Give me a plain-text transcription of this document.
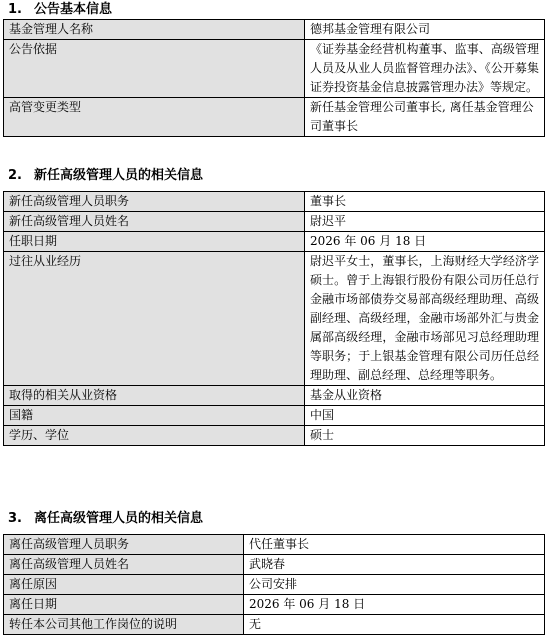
1. 公告基本信息
基金管理人名称	德邦基金管理有限公司
公告依据	《证券基金经营机构董事、监事、高级管理人员及从业人员监督管理办法》、《公开募集证券投资基金信息披露管理办法》等规定。
高管变更类型	新任基金管理公司董事长, 离任基金管理公司董事长
2. 新任高级管理人员的相关信息
新任高级管理人员职务	董事长
新任高级管理人员姓名	尉迟平
任职日期	2026 年 06 月 18 日
过往从业经历	尉迟平女士，董事长，上海财经大学经济学硕士。曾于上海银行股份有限公司历任总行金融市场部债券交易部高级经理助理、高级副经理、高级经理，金融市场部外汇与贵金属部高级经理，金融市场部见习总经理助理等职务；于上银基金管理有限公司历任总经理助理、副总经理、总经理等职务。
取得的相关从业资格	基金从业资格
国籍	中国
学历、学位	硕士
3. 离任高级管理人员的相关信息
离任高级管理人员职务	代任董事长
离任高级管理人员姓名	武晓春
离任原因	公司安排
离任日期	2026 年 06 月 18 日
转任本公司其他工作岗位的说明	无
